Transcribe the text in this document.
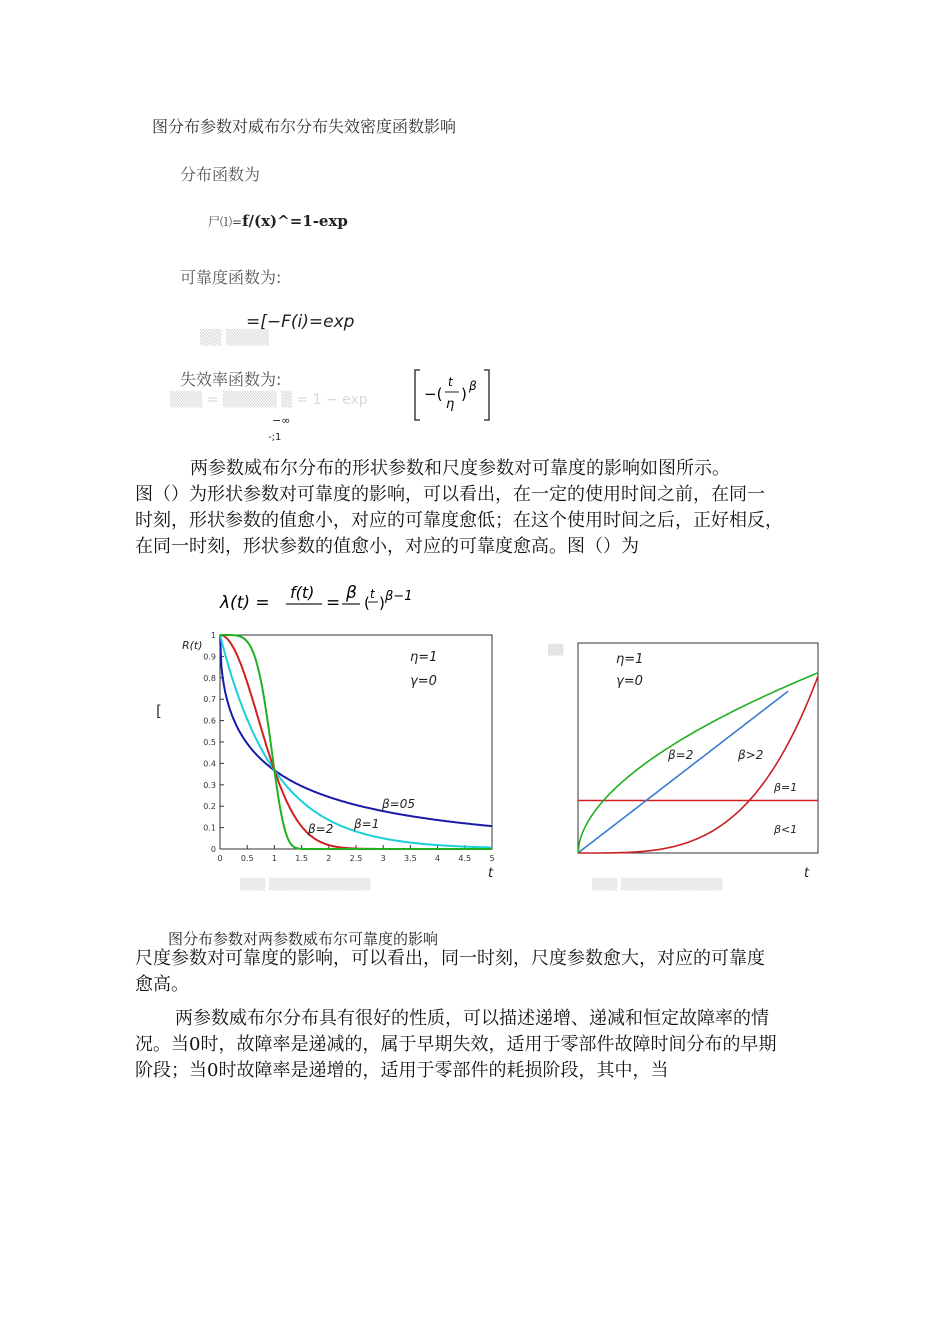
图分布参数对威布尔分布失效密度函数影响
分布函数为
尸⑴=f/(x)^=1-exp
可靠度函数为:
=[−F(i)=exp
▒▒ ▒▒▒▒
失效率函数为:
−(
t
η
) β
−∞
-;1
▒▒▒ = ▒▒▒▒▒ ▒ = 1 − exp
两参数威布尔分布的形状参数和尺度参数对可靠度的影响如图所示。
图（）为形状参数对可靠度的影响，可以看出，在一定的使用时间之前，在同一
时刻，形状参数的值愈小，对应的可靠度愈低；在这个使用时间之后，正好相反，
在同一时刻，形状参数的值愈小，对应的可靠度愈高。图（）为
λ(t) =
f(t)
= β ( t ) β−1
[
0 0.5 1 1.5 2 2.5 3 3.5 4 4.5 5
0
0.1
0.2
0.3
0.4
0.5
0.6
0.7
0.8
0.9
1
R(t)
t
η=1
γ=0
β=05
β=1
β=2
▒▒
t
η=1
γ=0
β=2	β>2
β=1
β<1
▒▒▒ ▒▒▒▒▒▒▒▒▒▒▒▒	▒▒▒ ▒▒▒▒▒▒▒▒▒▒▒▒
图分布参数对两参数威布尔可靠度的影响
尺度参数对可靠度的影响，可以看出，同一时刻，尺度参数愈大，对应的可靠度
愈高。
两参数威布尔分布具有很好的性质，可以描述递增、递减和恒定故障率的情
况。当0时，故障率是递减的，属于早期失效，适用于零部件故障时间分布的早期
阶段；当0时故障率是递增的，适用于零部件的耗损阶段，其中，当
